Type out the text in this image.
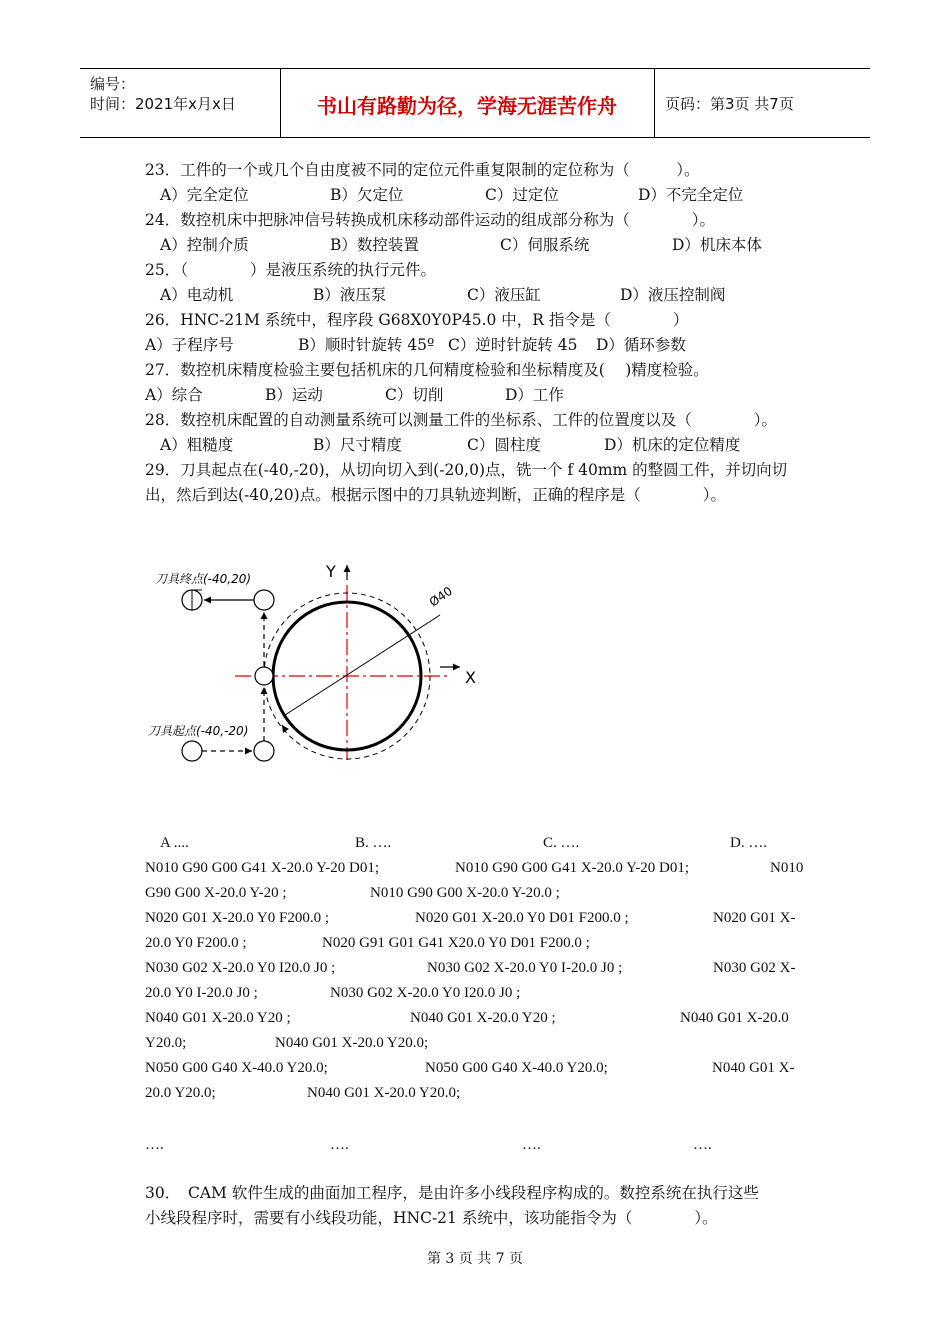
编号：
时间：2021年x月x日	书山有路勤为径，学海无涯苦作舟	页码：第3页 共7页
23．工件的一个或几个自由度被不同的定位元件重复限制的定位称为（　　　）。
A）完全定位	B）欠定位	C）过定位	D）不完全定位
24．数控机床中把脉冲信号转换成机床移动部件运动的组成部分称为（　　　　）。
A）控制介质	B）数控装置	C）伺服系统	D）机床本体
25．（　　　　）是液压系统的执行元件。
A）电动机	B）液压泵	C）液压缸	D）液压控制阀
26．HNC-21M 系统中，程序段 G68X0Y0P45.0 中，R 指令是（　　　　）
A）子程序号	B）顺时针旋转 45º C）逆时针旋转 45 D）循环参数
27．数控机床精度检验主要包括机床的几何精度检验和坐标精度及(　 )精度检验。
A）综合	B）运动	C）切削	D）工作
28．数控机床配置的自动测量系统可以测量工件的坐标系、工件的位置度以及（　　　　）。
A）粗糙度	B）尺寸精度	C）圆柱度	D）机床的定位精度
29．刀具起点在(-40,-20)，从切向切入到(-20,0)点，铣一个 f 40mm 的整圆工件，并切向切
出，然后到达(-40,20)点。根据示图中的刀具轨迹判断，正确的程序是（　　　　）。
Y
X
Ø40
刀具终点(-40,20)
刀具起点(-40,-20)
A ....	B. ….	C. ….	D. ….
N010 G90 G00 G41 X-20.0 Y-20 D01;	N010 G90 G00 G41 X-20.0 Y-20 D01;	N010
G90 G00 X-20.0 Y-20 ;	N010 G90 G00 X-20.0 Y-20.0 ;
N020 G01 X-20.0 Y0 F200.0 ;	N020 G01 X-20.0 Y0 D01 F200.0 ;	N020 G01 X-
20.0 Y0 F200.0 ;	N020 G91 G01 G41 X20.0 Y0 D01 F200.0 ;
N030 G02 X-20.0 Y0 I20.0 J0 ;	N030 G02 X-20.0 Y0 I-20.0 J0 ;	N030 G02 X-
20.0 Y0 I-20.0 J0 ;	N030 G02 X-20.0 Y0 I20.0 J0 ;
N040 G01 X-20.0 Y20 ;	N040 G01 X-20.0 Y20 ;	N040 G01 X-20.0
Y20.0;	N040 G01 X-20.0 Y20.0;
N050 G00 G40 X-40.0 Y20.0;	N050 G00 G40 X-40.0 Y20.0;	N040 G01 X-
20.0 Y20.0;	N040 G01 X-20.0 Y20.0;
….	….	….	….
30．　CAM 软件生成的曲面加工程序，是由许多小线段程序构成的。数控系统在执行这些
小线段程序时，需要有小线段功能，HNC-21 系统中，该功能指令为（　　　　）。
第 3 页 共 7 页
